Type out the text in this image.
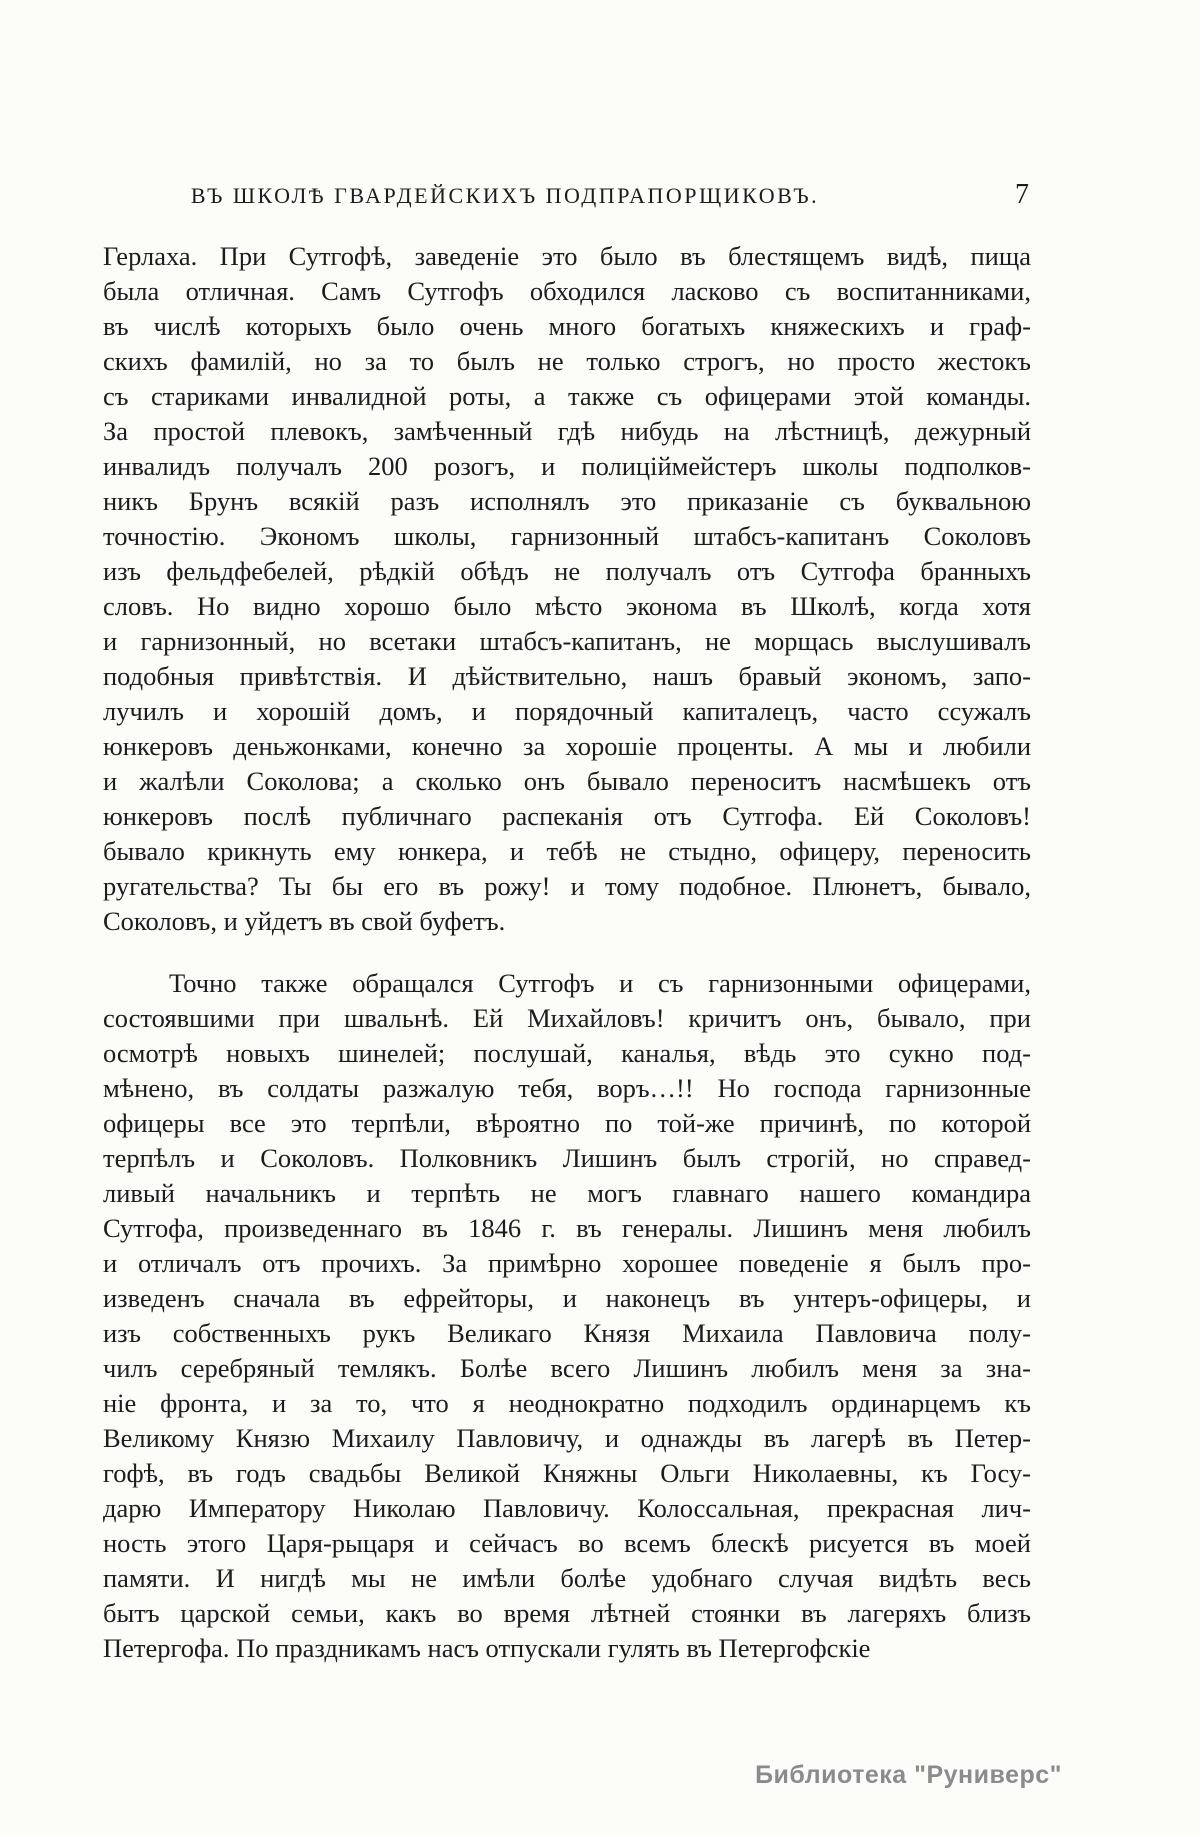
ВЪ ШКОЛѢ ГВАРДЕЙСКИХЪ ПОДПРАПОРЩИКОВЪ.	7
Герлаха. При Сутгофѣ, заведеніе это было въ блестящемъ видѣ, пища
была отличная. Самъ Сутгофъ обходился ласково съ воспитанниками,
въ числѣ которыхъ было очень много богатыхъ княжескихъ и граф-
скихъ фамилій, но за то былъ не только строгъ, но просто жестокъ
съ стариками инвалидной роты, а также съ офицерами этой команды.
За простой плевокъ, замѣченный гдѣ нибудь на лѣстницѣ, дежурный
инвалидъ получалъ 200 розогъ, и полиціймейстеръ школы подполков-
никъ Брунъ всякій разъ исполнялъ это приказаніе съ буквальною
точностію. Экономъ школы, гарнизонный штабсъ-капитанъ Соколовъ
изъ фельдфебелей, рѣдкій обѣдъ не получалъ отъ Сутгофа бранныхъ
словъ. Но видно хорошо было мѣсто эконома въ Школѣ, когда хотя
и гарнизонный, но всетаки штабсъ-капитанъ, не морщась выслушивалъ
подобныя привѣтствія. И дѣйствительно, нашъ бравый экономъ, запо-
лучилъ и хорошій домъ, и порядочный капиталецъ, часто ссужалъ
юнкеровъ деньжонками, конечно за хорошіе проценты. А мы и любили
и жалѣли Соколова; а сколько онъ бывало переноситъ насмѣшекъ отъ
юнкеровъ послѣ публичнаго распеканія отъ Сутгофа. Ей Соколовъ!
бывало крикнуть ему юнкера, и тебѣ не стыдно, офицеру, переносить
ругательства? Ты бы его въ рожу! и тому подобное. Плюнетъ, бывало,
Соколовъ, и уйдетъ въ свой буфетъ.
Точно также обращался Сутгофъ и съ гарнизонными офицерами,
состоявшими при швальнѣ. Ей Михайловъ! кричитъ онъ, бывало, при
осмотрѣ новыхъ шинелей; послушай, каналья, вѣдь это сукно под-
мѣнено, въ солдаты разжалую тебя, воръ…!! Но господа гарнизонные
офицеры все это терпѣли, вѣроятно по той-же причинѣ, по которой
терпѣлъ и Соколовъ. Полковникъ Лишинъ былъ строгій, но справед-
ливый начальникъ и терпѣть не могъ главнаго нашего командира
Сутгофа, произведеннаго въ 1846 г. въ генералы. Лишинъ меня любилъ
и отличалъ отъ прочихъ. За примѣрно хорошее поведеніе я былъ про-
изведенъ сначала въ ефрейторы, и наконецъ въ унтеръ-офицеры, и
изъ собственныхъ рукъ Великаго Князя Михаила Павловича полу-
чилъ серебряный темлякъ. Болѣе всего Лишинъ любилъ меня за зна-
ніе фронта, и за то, что я неоднократно подходилъ ординарцемъ къ
Великому Князю Михаилу Павловичу, и однажды въ лагерѣ въ Петер-
гофѣ, въ годъ свадьбы Великой Княжны Ольги Николаевны, къ Госу-
дарю Императору Николаю Павловичу. Колоссальная, прекрасная лич-
ность этого Царя-рыцаря и сейчасъ во всемъ блескѣ рисуется въ моей
памяти. И нигдѣ мы не имѣли болѣе удобнаго случая видѣть весь
бытъ царской семьи, какъ во время лѣтней стоянки въ лагеряхъ близъ
Петергофа. По праздникамъ насъ отпускали гулять въ Петергофскіе
Библиотека "Руниверс"
